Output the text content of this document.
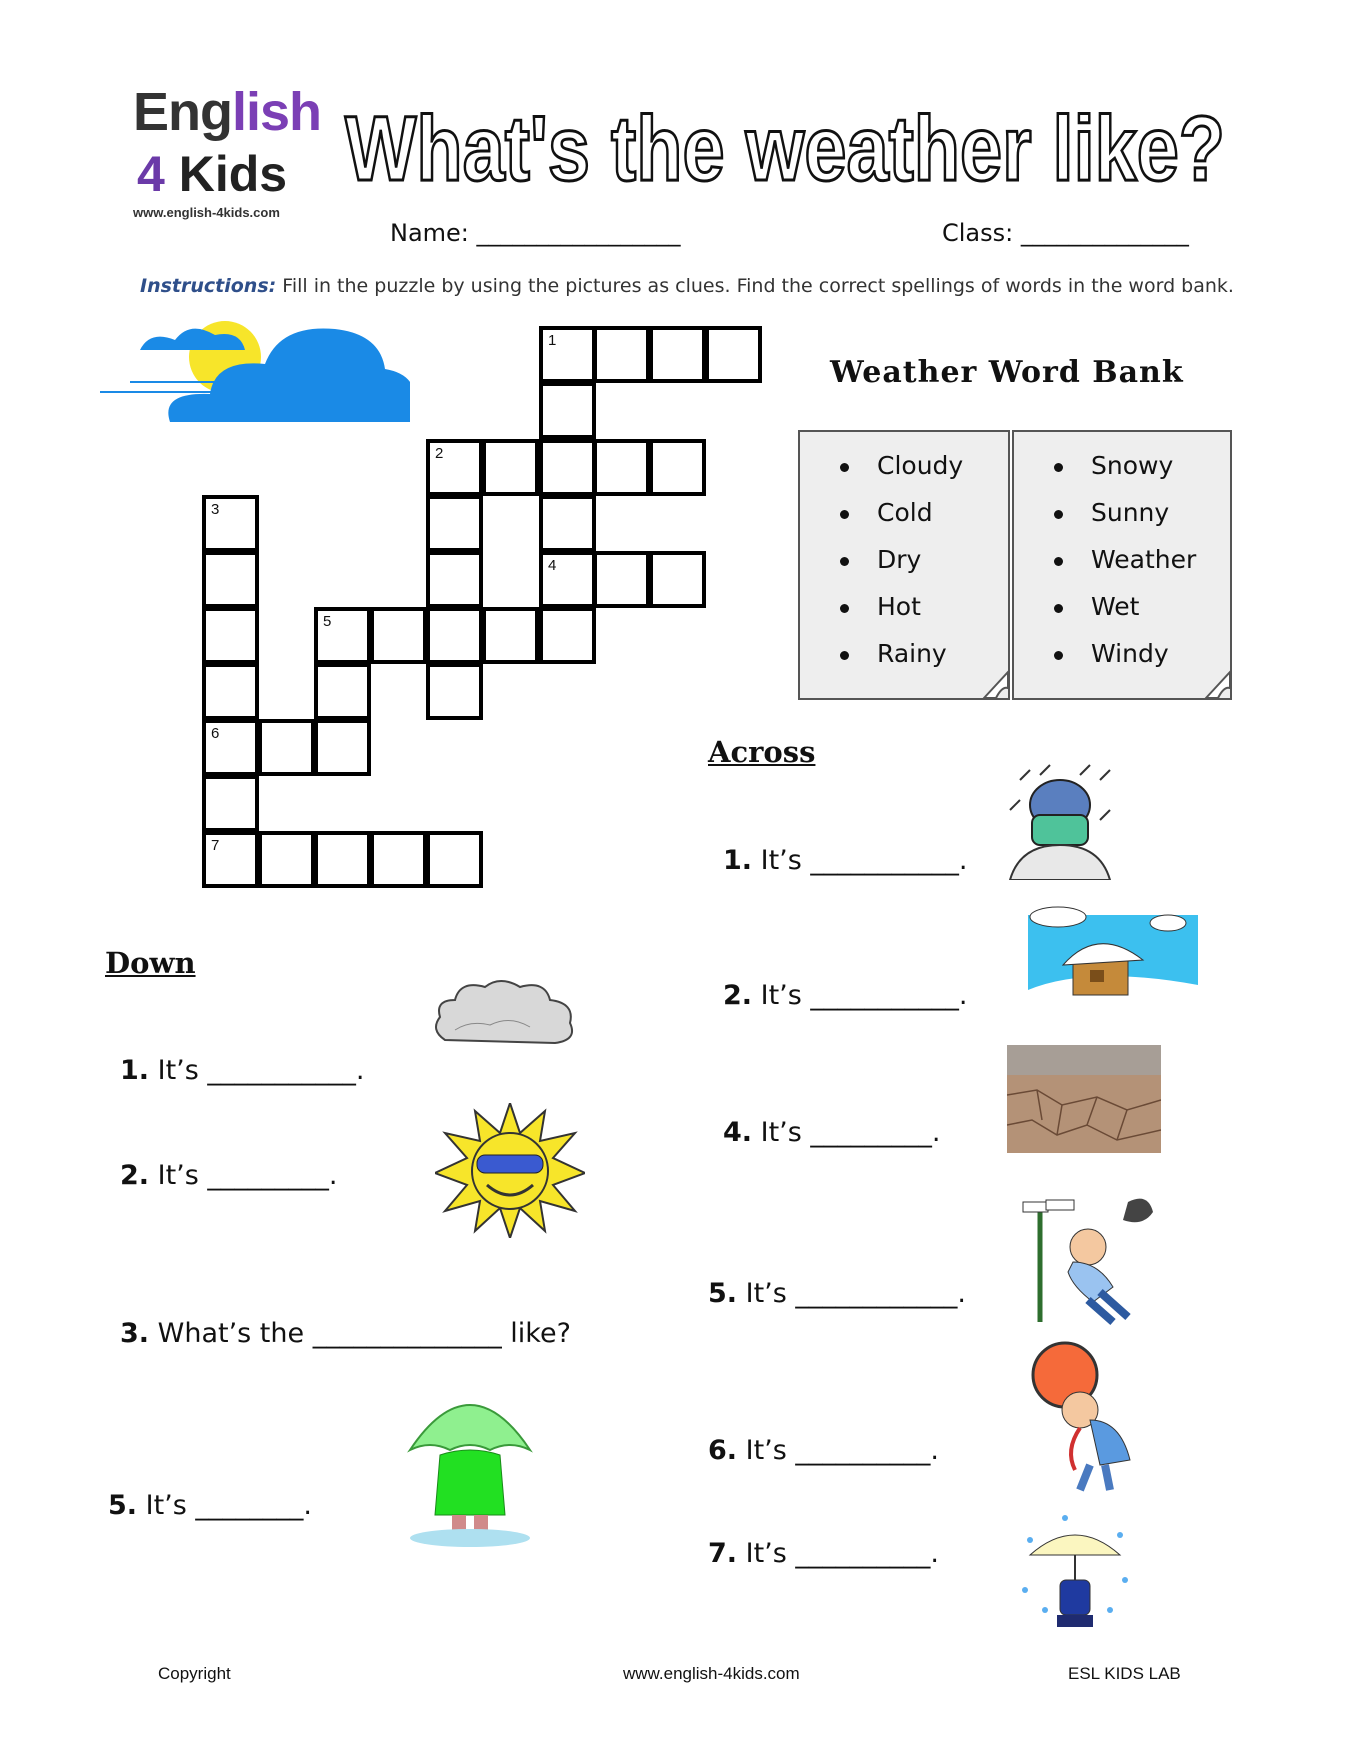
English
4 Kids
www.english-4kids.com
What's the weather like?
Name: _________________	Class: ______________
Instructions: Fill in the puzzle by using the pictures as clues. Find the correct spellings of words in the word bank.
1
2
3
4
5
6
7
Weather Word Bank
Cloudy
Cold
Dry
Hot
Rainy
Snowy
Sunny
Weather
Wet
Windy
Across
1. It’s ___________.
2. It’s ___________.
4. It’s _________.
5. It’s ____________.
6. It’s __________.
7. It’s __________.
Down
1. It’s ___________.
2. It’s _________.
3. What’s the ______________ like?
5. It’s ________.
Copyright	www.english-4kids.com	ESL KIDS LAB
